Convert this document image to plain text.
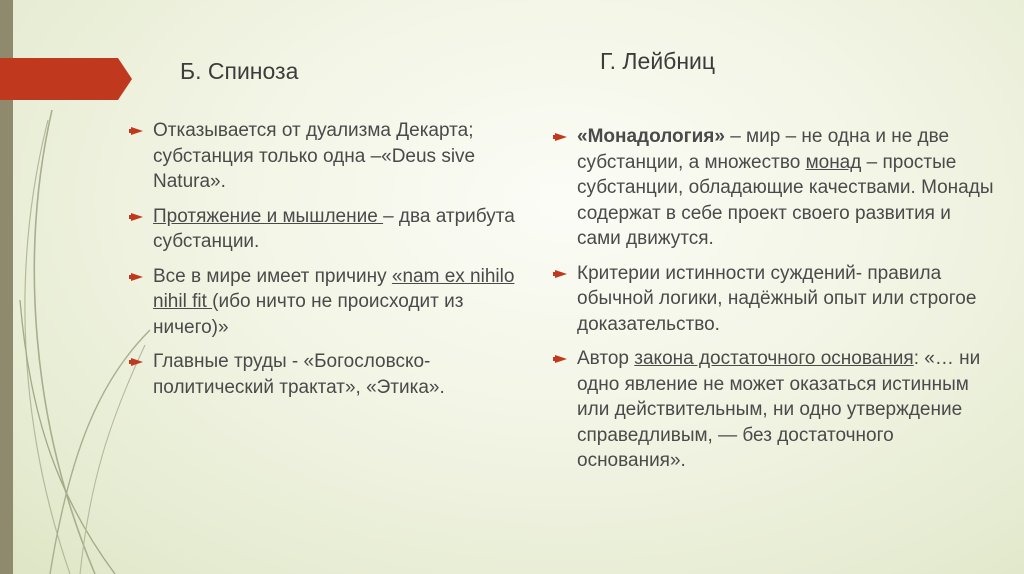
Б. Спиноза	Г. Лейбниц
Отказывается от дуализма Декарта; субстанция только одна –«Deus sive Natura».
Протяжение и мышление – два атрибута субстанции.
Все в мире имеет причину «nam ex nihilo nihil fit (ибо ничто не происходит из ничего)»
Главные труды - «Богословско-политический трактат», «Этика».
«Монадология» – мир – не одна и не две субстанции, а множество монад – простые субстанции, обладающие качествами. Монады содержат в себе проект своего развития и сами движутся.
Критерии истинности суждений- правила обычной логики, надёжный опыт или строгое доказательство.
Автор закона достаточного основания: «… ни одно явление не может оказаться истинным или действительным, ни одно утверждение справедливым, — без достаточного основания».
